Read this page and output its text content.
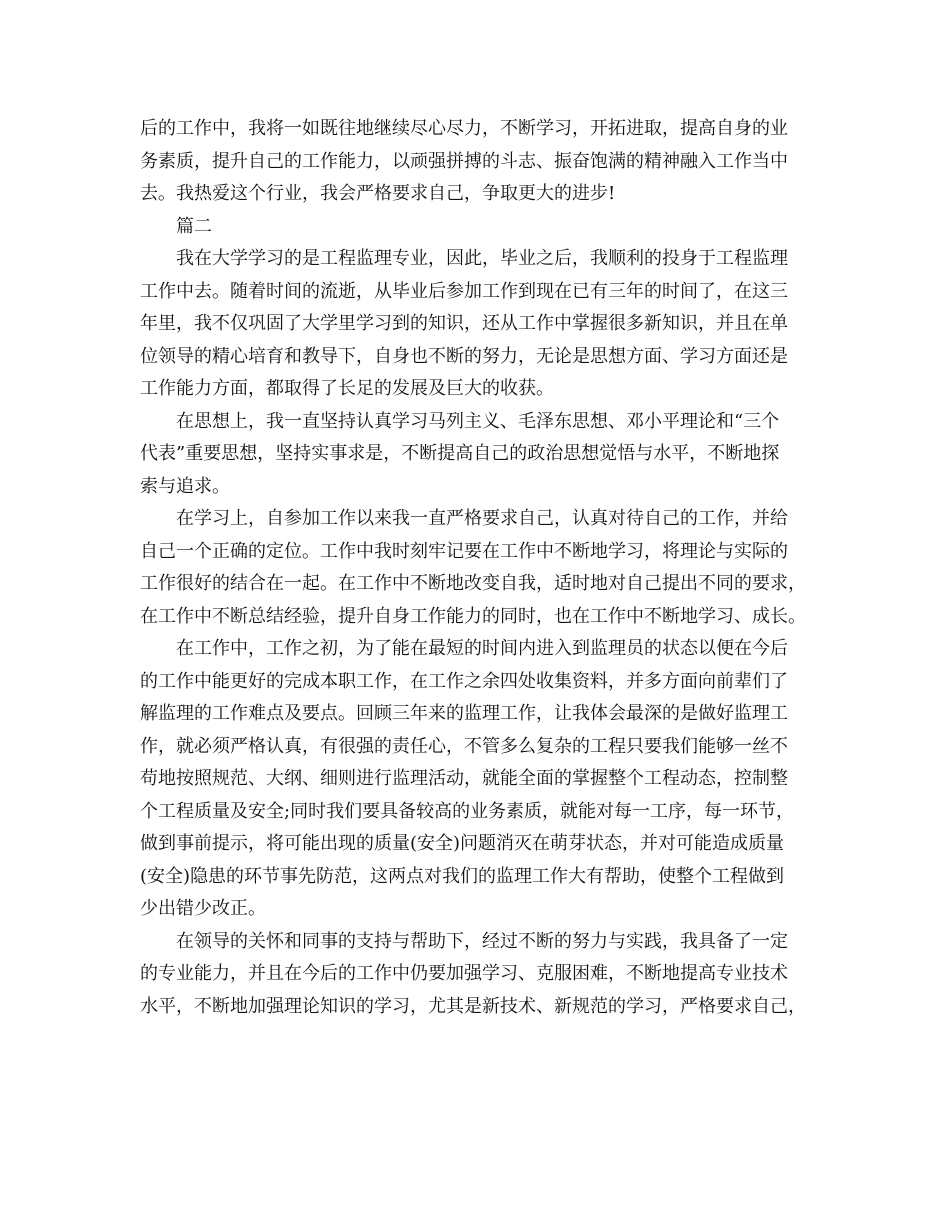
后的工作中，我将一如既往地继续尽心尽力，不断学习，开拓进取，提高自身的业
务素质，提升自己的工作能力，以顽强拼搏的斗志、振奋饱满的精神融入工作当中
去。我热爱这个行业，我会严格要求自己，争取更大的进步!
篇二
我在大学学习的是工程监理专业，因此，毕业之后，我顺利的投身于工程监理
工作中去。随着时间的流逝，从毕业后参加工作到现在已有三年的时间了，在这三
年里，我不仅巩固了大学里学习到的知识，还从工作中掌握很多新知识，并且在单
位领导的精心培育和教导下，自身也不断的努力，无论是思想方面、学习方面还是
工作能力方面，都取得了长足的发展及巨大的收获。
在思想上，我一直坚持认真学习马列主义、毛泽东思想、邓小平理论和“三个
代表”重要思想，坚持实事求是，不断提高自己的政治思想觉悟与水平，不断地探
索与追求。
在学习上，自参加工作以来我一直严格要求自己，认真对待自己的工作，并给
自己一个正确的定位。工作中我时刻牢记要在工作中不断地学习，将理论与实际的
工作很好的结合在一起。在工作中不断地改变自我，适时地对自己提出不同的要求，
在工作中不断总结经验，提升自身工作能力的同时，也在工作中不断地学习、成长。
在工作中，工作之初，为了能在最短的时间内进入到监理员的状态以便在今后
的工作中能更好的完成本职工作，在工作之余四处收集资料，并多方面向前辈们了
解监理的工作难点及要点。回顾三年来的监理工作，让我体会最深的是做好监理工
作，就必须严格认真，有很强的责任心，不管多么复杂的工程只要我们能够一丝不
苟地按照规范、大纲、细则进行监理活动，就能全面的掌握整个工程动态，控制整
个工程质量及安全;同时我们要具备较高的业务素质，就能对每一工序，每一环节，
做到事前提示，将可能出现的质量(安全)问题消灭在萌芽状态，并对可能造成质量
(安全)隐患的环节事先防范，这两点对我们的监理工作大有帮助，使整个工程做到
少出错少改正。
在领导的关怀和同事的支持与帮助下，经过不断的努力与实践，我具备了一定
的专业能力，并且在今后的工作中仍要加强学习、克服困难，不断地提高专业技术
水平，不断地加强理论知识的学习，尤其是新技术、新规范的学习，严格要求自己，
